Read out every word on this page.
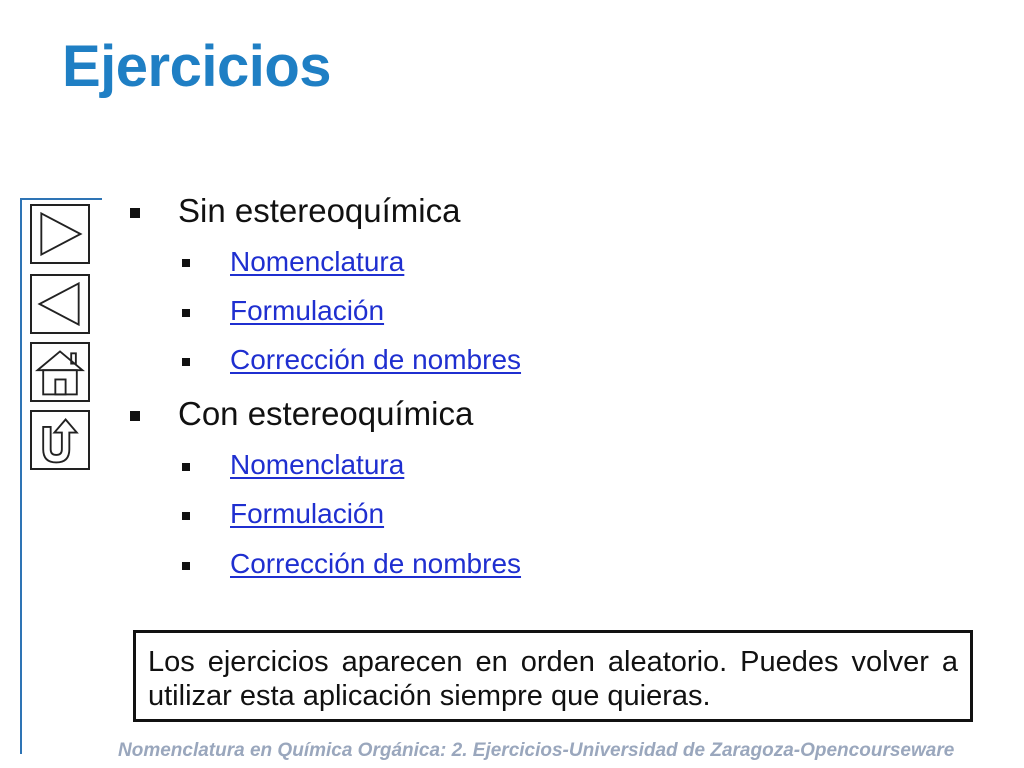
Ejercicios
Sin estereoquímica
Nomenclatura
Formulación
Corrección de nombres
Con estereoquímica
Nomenclatura
Formulación
Corrección de nombres
Los ejercicios aparecen en orden aleatorio. Puedes volver a utilizar esta aplicación siempre que quieras.
Nomenclatura en Química Orgánica: 2. Ejercicios-Universidad de Zaragoza-Opencourseware
